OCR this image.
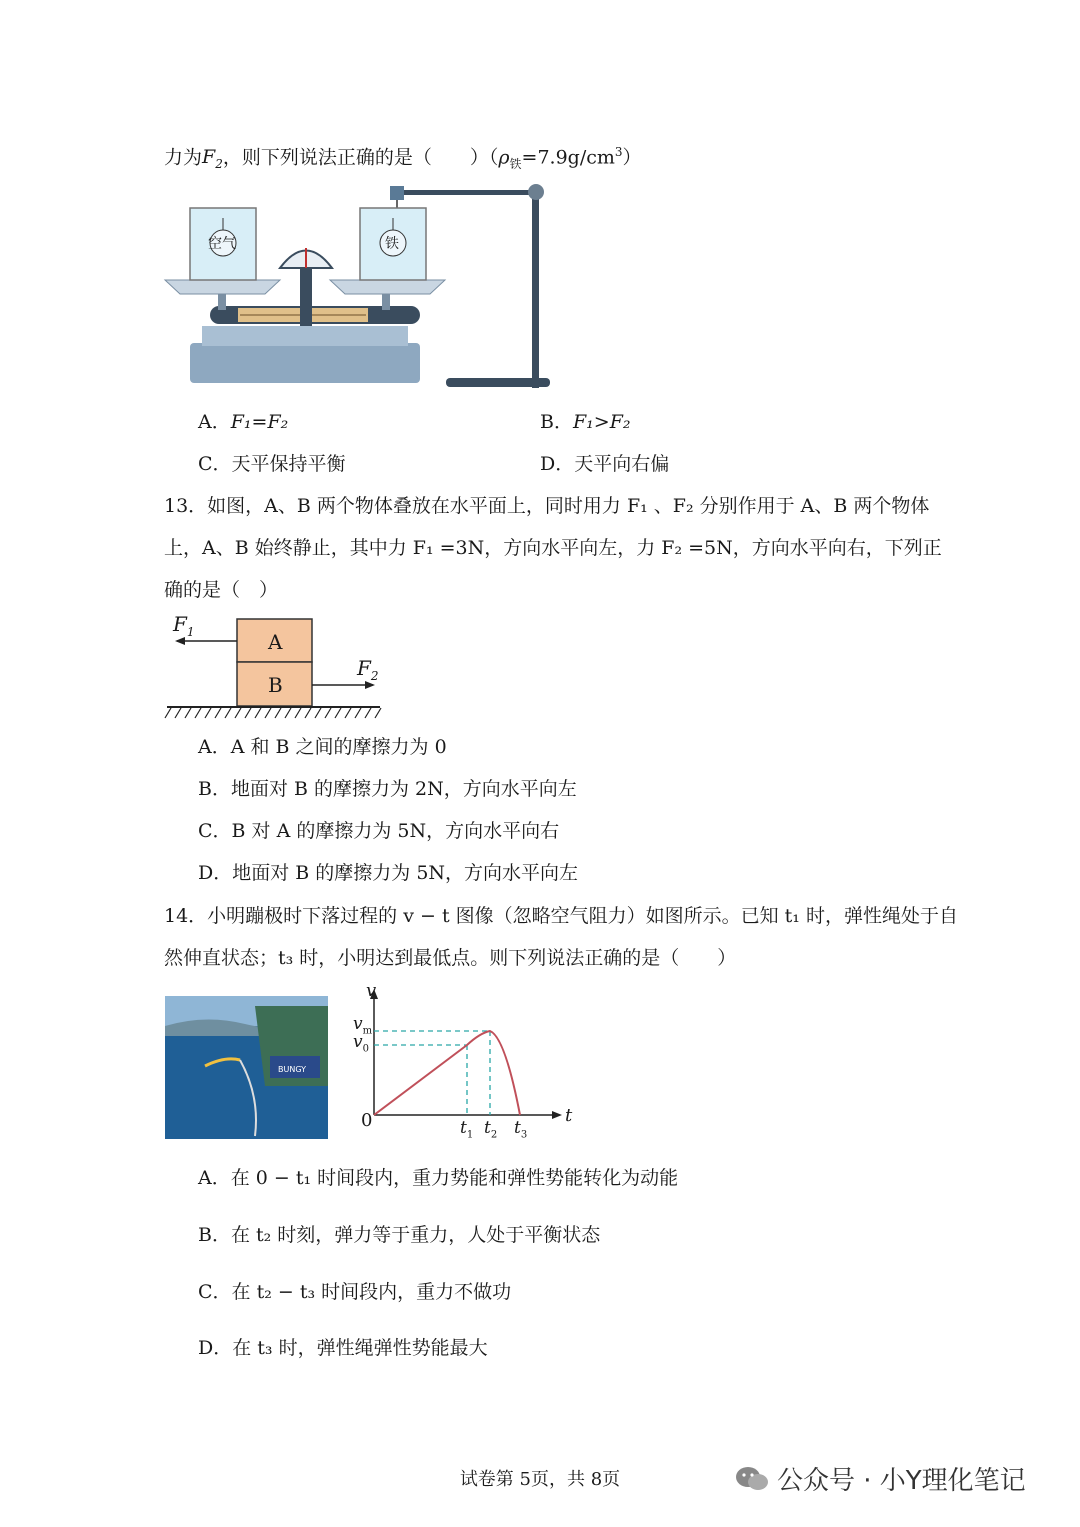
力为$F_2$，则下列说法正确的是（　　）$(\rho_铁=7.9g/cm^3)$
空气	铁
A．F₁=F₂	B．F₁>F₂
C．天平保持平衡	D．天平向右偏
13．如图，A、B 两个物体叠放在水平面上，同时用力 F₁ 、F₂ 分别作用于 A、B 两个物体
上，A、B 始终静止，其中力 F₁ =3N，方向水平向左，力 F₂ =5N，方向水平向右，下列正
确的是（　）
$F_1$
$F_2$
A
B
A．A 和 B 之间的摩擦力为 0
B．地面对 B 的摩擦力为 2N，方向水平向左
C．B 对 A 的摩擦力为 5N，方向水平向右
D．地面对 B 的摩擦力为 5N，方向水平向左
14．小明蹦极时下落过程的 v − t 图像（忽略空气阻力）如图所示。已知 t₁ 时，弹性绳处于自
然伸直状态；t₃ 时，小明达到最低点。则下列说法正确的是（　　）
BUNGY
v
t
0
$v_m$
$v_0$
$t_1$ $t_2$ $t_3$
A．在 0 − t₁ 时间段内，重力势能和弹性势能转化为动能
B．在 t₂ 时刻，弹力等于重力，人处于平衡状态
C．在 t₂ − t₃ 时间段内，重力不做功
D．在 t₃ 时，弹性绳弹性势能最大
试卷第 5页，共 8页	公众号 · 小Y理化笔记
